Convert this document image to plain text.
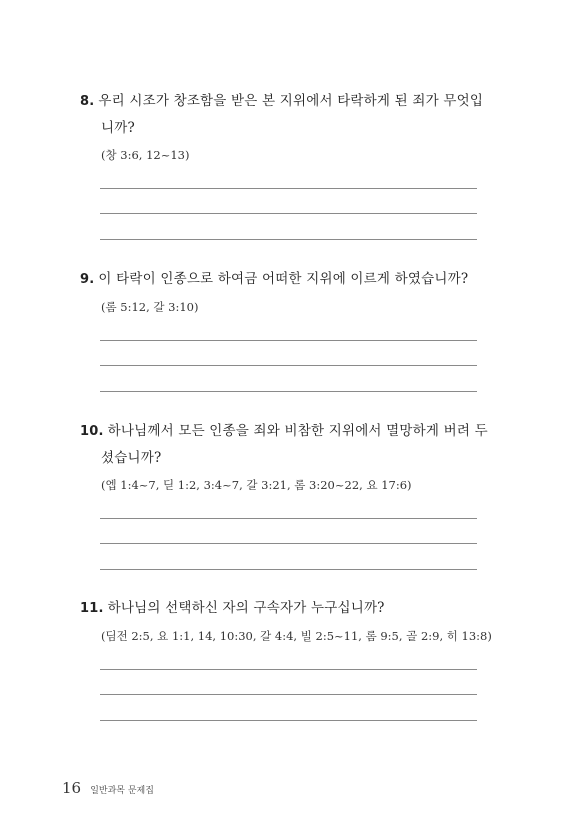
8. 우리 시조가 창조함을 받은 본 지위에서 타락하게 된 죄가 무엇입
니까?
(창 3:6, 12~13)
9. 이 타락이 인종으로 하여금 어떠한 지위에 이르게 하였습니까?
(롬 5:12, 갈 3:10)
10. 하나님께서 모든 인종을 죄와 비참한 지위에서 멸망하게 버려 두
셨습니까?
(엡 1:4~7, 딛 1:2, 3:4~7, 갈 3:21, 롬 3:20~22, 요 17:6)
11. 하나님의 선택하신 자의 구속자가 누구십니까?
(딤전 2:5, 요 1:1, 14, 10:30, 갈 4:4, 빌 2:5~11, 롬 9:5, 골 2:9, 히 13:8)
16 일반과목 문제집
